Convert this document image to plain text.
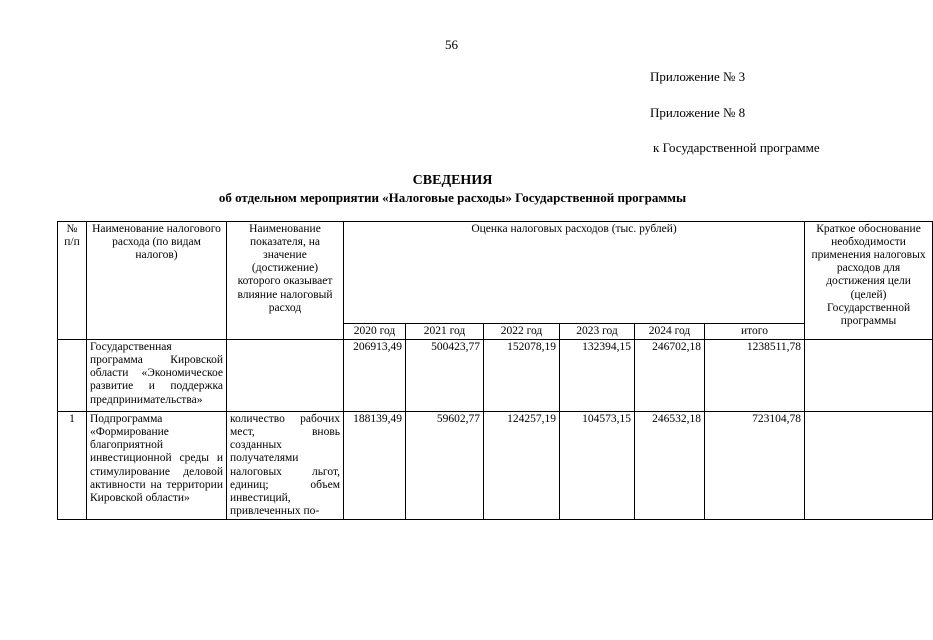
56
Приложение № 3
Приложение № 8
к Государственной программе
СВЕДЕНИЯ
об отдельном мероприятии «Налоговые расходы» Государственной программы
№ п/п	Наименование налогового расхода (по видам налогов)	Наименование показателя, на значение (достижение) которого оказывает влияние налоговый расход	Оценка налоговых расходов (тыс. рублей)						Краткое обоснование необходимости применения налоговых расходов для достижения цели (целей) Государственной программы
			2020 год	2021 год	2022 год	2023 год	2024 год	итого	
	Государственная программа Кировской области «Экономическое развитие и поддержка предпринимательства»		206913,49	500423,77	152078,19	132394,15	246702,18	1238511,78	
1	Подпрограмма «Формирование благоприятной инвестиционной среды и стимулирование деловой активности на территории Кировской области»	количество рабочих мест, вновь созданных получателями налоговых льгот, единиц; объем инвестиций, привлеченных по-	188139,49	59602,77	124257,19	104573,15	246532,18	723104,78	
